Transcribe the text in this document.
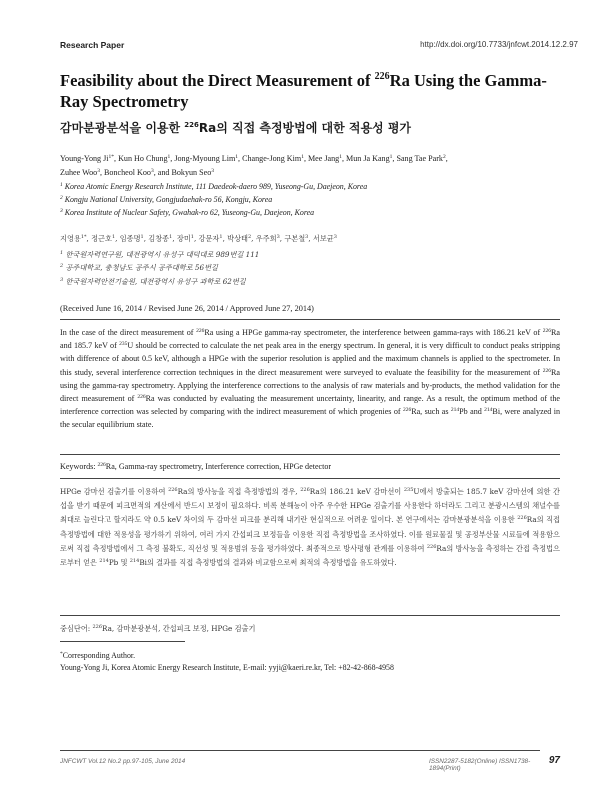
Research Paper	http://dx.doi.org/10.7733/jnfcwt.2014.12.2.97
Feasibility about the Direct Measurement of $^{226}$Ra Using the Gamma-Ray Spectrometry
감마분광분석을 이용한 $^{226}$Ra의 직접 측정방법에 대한 적용성 평가
Young-Yong $Ji^{1*}$, Kun Ho Chung$^1$, Jong-Myoung Lim$^1$, Change-Jong Kim$^1$, Mee Jang$^1$, Mun Ja Kang$^1$, Sang Tae Park$^2$,
Zuhee Woo$^3$, Boncheol Koo$^3$, and Bokyun Seo$^3$
$^1$ Korea Atomic Energy Research Institute, 111 Daedeok-daero 989, Yuseong-Gu, Daejeon, Korea
$^2$ Kongju National University, Gongjudaehak-ro 56, Kongju, Korea
$^3$ Korea Institute of Nuclear Safety, Gwahak-ro 62, Yuseong-Gu, Daejeon, Korea
지영용$^{1*}$, 정근호$^1$, 임종명$^1$, 김창종$^1$, 장미$^1$, 강문자$^1$, 박상태$^2$, 우주희$^3$, 구본철$^3$, 서보균$^3$
$^1$ 한국원자력연구원, 대전광역시 유성구 대덕대로 989번길 111
$^2$ 공주대학교, 충청남도 공주시 공주대학로 56번길
$^3$ 한국원자력안전기술원, 대전광역시 유성구 과학로 62번길
(Received June 16, 2014 / Revised June 26, 2014 / Approved June 27, 2014)
In the case of the direct measurement of $^{226}$Ra using a HPGe gamma-ray spectrometer, the interference between gamma-rays with 186.21 keV of $^{226}$Ra and 185.7 keV of $^{235}$U should be corrected to calculate the net peak area in the energy spectrum. In general, it is very difficult to conduct peaks stripping with difference of about 0.5 keV, although a HPGe with the superior resolution is applied and the maximum channels is applied to the spectrometer. In this study, several interference correction techniques in the direct measurement were surveyed to evaluate the feasibility for the measurement of $^{226}$Ra using the gamma-ray spectrometry. Applying the interference corrections to the analysis of raw materials and by-products, the method validation for the direct measurement of $^{226}$Ra was conducted by evaluating the measurement uncertainty, linearity, and range. As a result, the optimum method of the interference correction was selected by comparing with the indirect measurement of which progenies of $^{226}$Ra, such as $^{214}$Pb and $^{214}$Bi, were analyzed in the secular equilibrium state.
Keywords: $^{226}$Ra, Gamma-ray spectrometry, Interference correction, HPGe detector
HPGe 감마선 검출기를 이용하여 $^{226}$Ra의 방사능을 직접 측정방법의 경우, $^{226}$Ra의 186.21 keV 감마선이 $^{235}$U에서 방출되는 185.7 keV 감마선에 의한 간섭을 받기 때문에 피크면적의 계산에서 반드시 보정이 필요하다. 비록 분해능이 아주 우수한 HPGe 검출기를 사용한다 하더라도 그리고 분광시스템의 채널수를 최대로 늘린다고 할지라도 약 0.5 keV 차이의 두 감마선 피크를 분리해 내기란 현실적으로 어려운 일이다. 본 연구에서는 감마분광분석을 이용한 $^{226}$Ra의 직접 측정방법에 대한 적용성을 평가하기 위하여, 여러 가지 간섭피크 보정들을 이용한 직접 측정방법을 조사하였다. 이를 원료물질 및 공정부산물 시료들에 적용함으로써 직접 측정방법에서 그 측정 불확도, 직선성 및 적용범위 등을 평가하였다. 최종적으로 방사평형 관계를 이용하여 $^{226}$Ra의 방사능을 측정하는 간접 측정법으로부터 얻은 $^{214}$Pb 및 $^{214}$Bi의 결과를 직접 측정방법의 결과와 비교함으로써 최적의 측정방법을 유도하였다.
중심단어: $^{226}$Ra, 감마분광분석, 간섭피크 보정, HPGe 검출기
*Corresponding Author.
Young-Yong Ji, Korea Atomic Energy Research Institute, E-mail: yyji@kaeri.re.kr, Tel: +82-42-868-4958
JNFCWT Vol.12 No.2 pp.97-105, June 2014	ISSN2287-5182(Online) ISSN1738-1894(Print)
97
